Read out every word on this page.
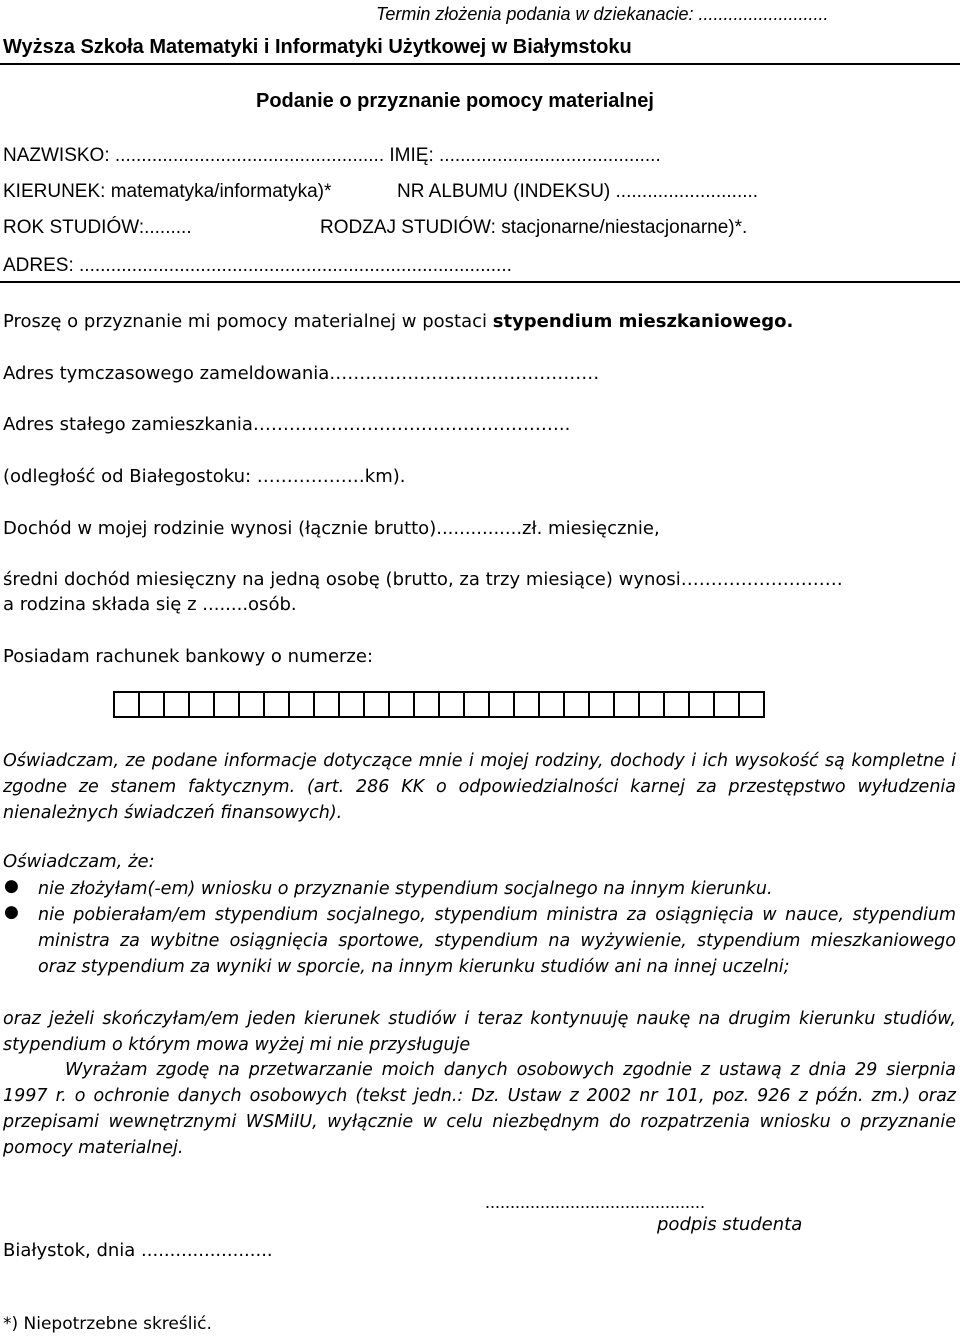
Termin złożenia podania w dziekanacie: ..........................
Wyższa Szkoła Matematyki i Informatyki Użytkowej w Białymstoku
Podanie o przyznanie pomocy materialnej
NAZWISKO: ................................................... IMIĘ: ..........................................
KIERUNEK: matematyka/informatyka)*	NR ALBUMU (INDEKSU) ...........................
ROK STUDIÓW:.........	RODZAJ STUDIÓW: stacjonarne/niestacjonarne)*.
ADRES: ..................................................................................
Proszę o przyznanie mi pomocy materialnej w postaci stypendium mieszkaniowego.
Adres tymczasowego zameldowania………………………………………
Adres stałego zamieszkania……………………………………………..
(odległość od Białegostoku: ………………km).
Dochód w mojej rodzinie wynosi (łącznie brutto)...............zł. miesięcznie,
średni dochód miesięczny na jedną osobę (brutto, za trzy miesiące) wynosi………………………
a rodzina składa się z ........osób.
Posiadam rachunek bankowy o numerze:
Oświadczam, ze podane informacje dotyczące mnie i mojej rodziny, dochody i ich wysokość są kompletne i zgodne ze stanem faktycznym. (art. 286 KK o odpowiedzialności karnej za przestępstwo wyłudzenia nienależnych świadczeń finansowych).
Oświadczam, że:
● nie złożyłam(-em) wniosku o przyznanie stypendium socjalnego na innym kierunku.
● nie pobierałam/em stypendium socjalnego, stypendium ministra za osiągnięcia w nauce, stypendium ministra za wybitne osiągnięcia sportowe, stypendium na wyżywienie, stypendium mieszkaniowego oraz stypendium za wyniki w sporcie, na innym kierunku studiów ani na innej uczelni;
oraz jeżeli skończyłam/em jeden kierunek studiów i teraz kontynuuję naukę na drugim kierunku studiów, stypendium o którym mowa wyżej mi nie przysługuje
Wyrażam zgodę na przetwarzanie moich danych osobowych zgodnie z ustawą z dnia 29 sierpnia 1997 r. o ochronie danych osobowych (tekst jedn.: Dz. Ustaw z 2002 nr 101, poz. 926 z późn. zm.) oraz przepisami wewnętrznymi WSMiIU, wyłącznie w celu niezbędnym do rozpatrzenia wniosku o przyznanie pomocy materialnej.
............................................
podpis studenta
Białystok, dnia .......................
*) Niepotrzebne skreślić.
